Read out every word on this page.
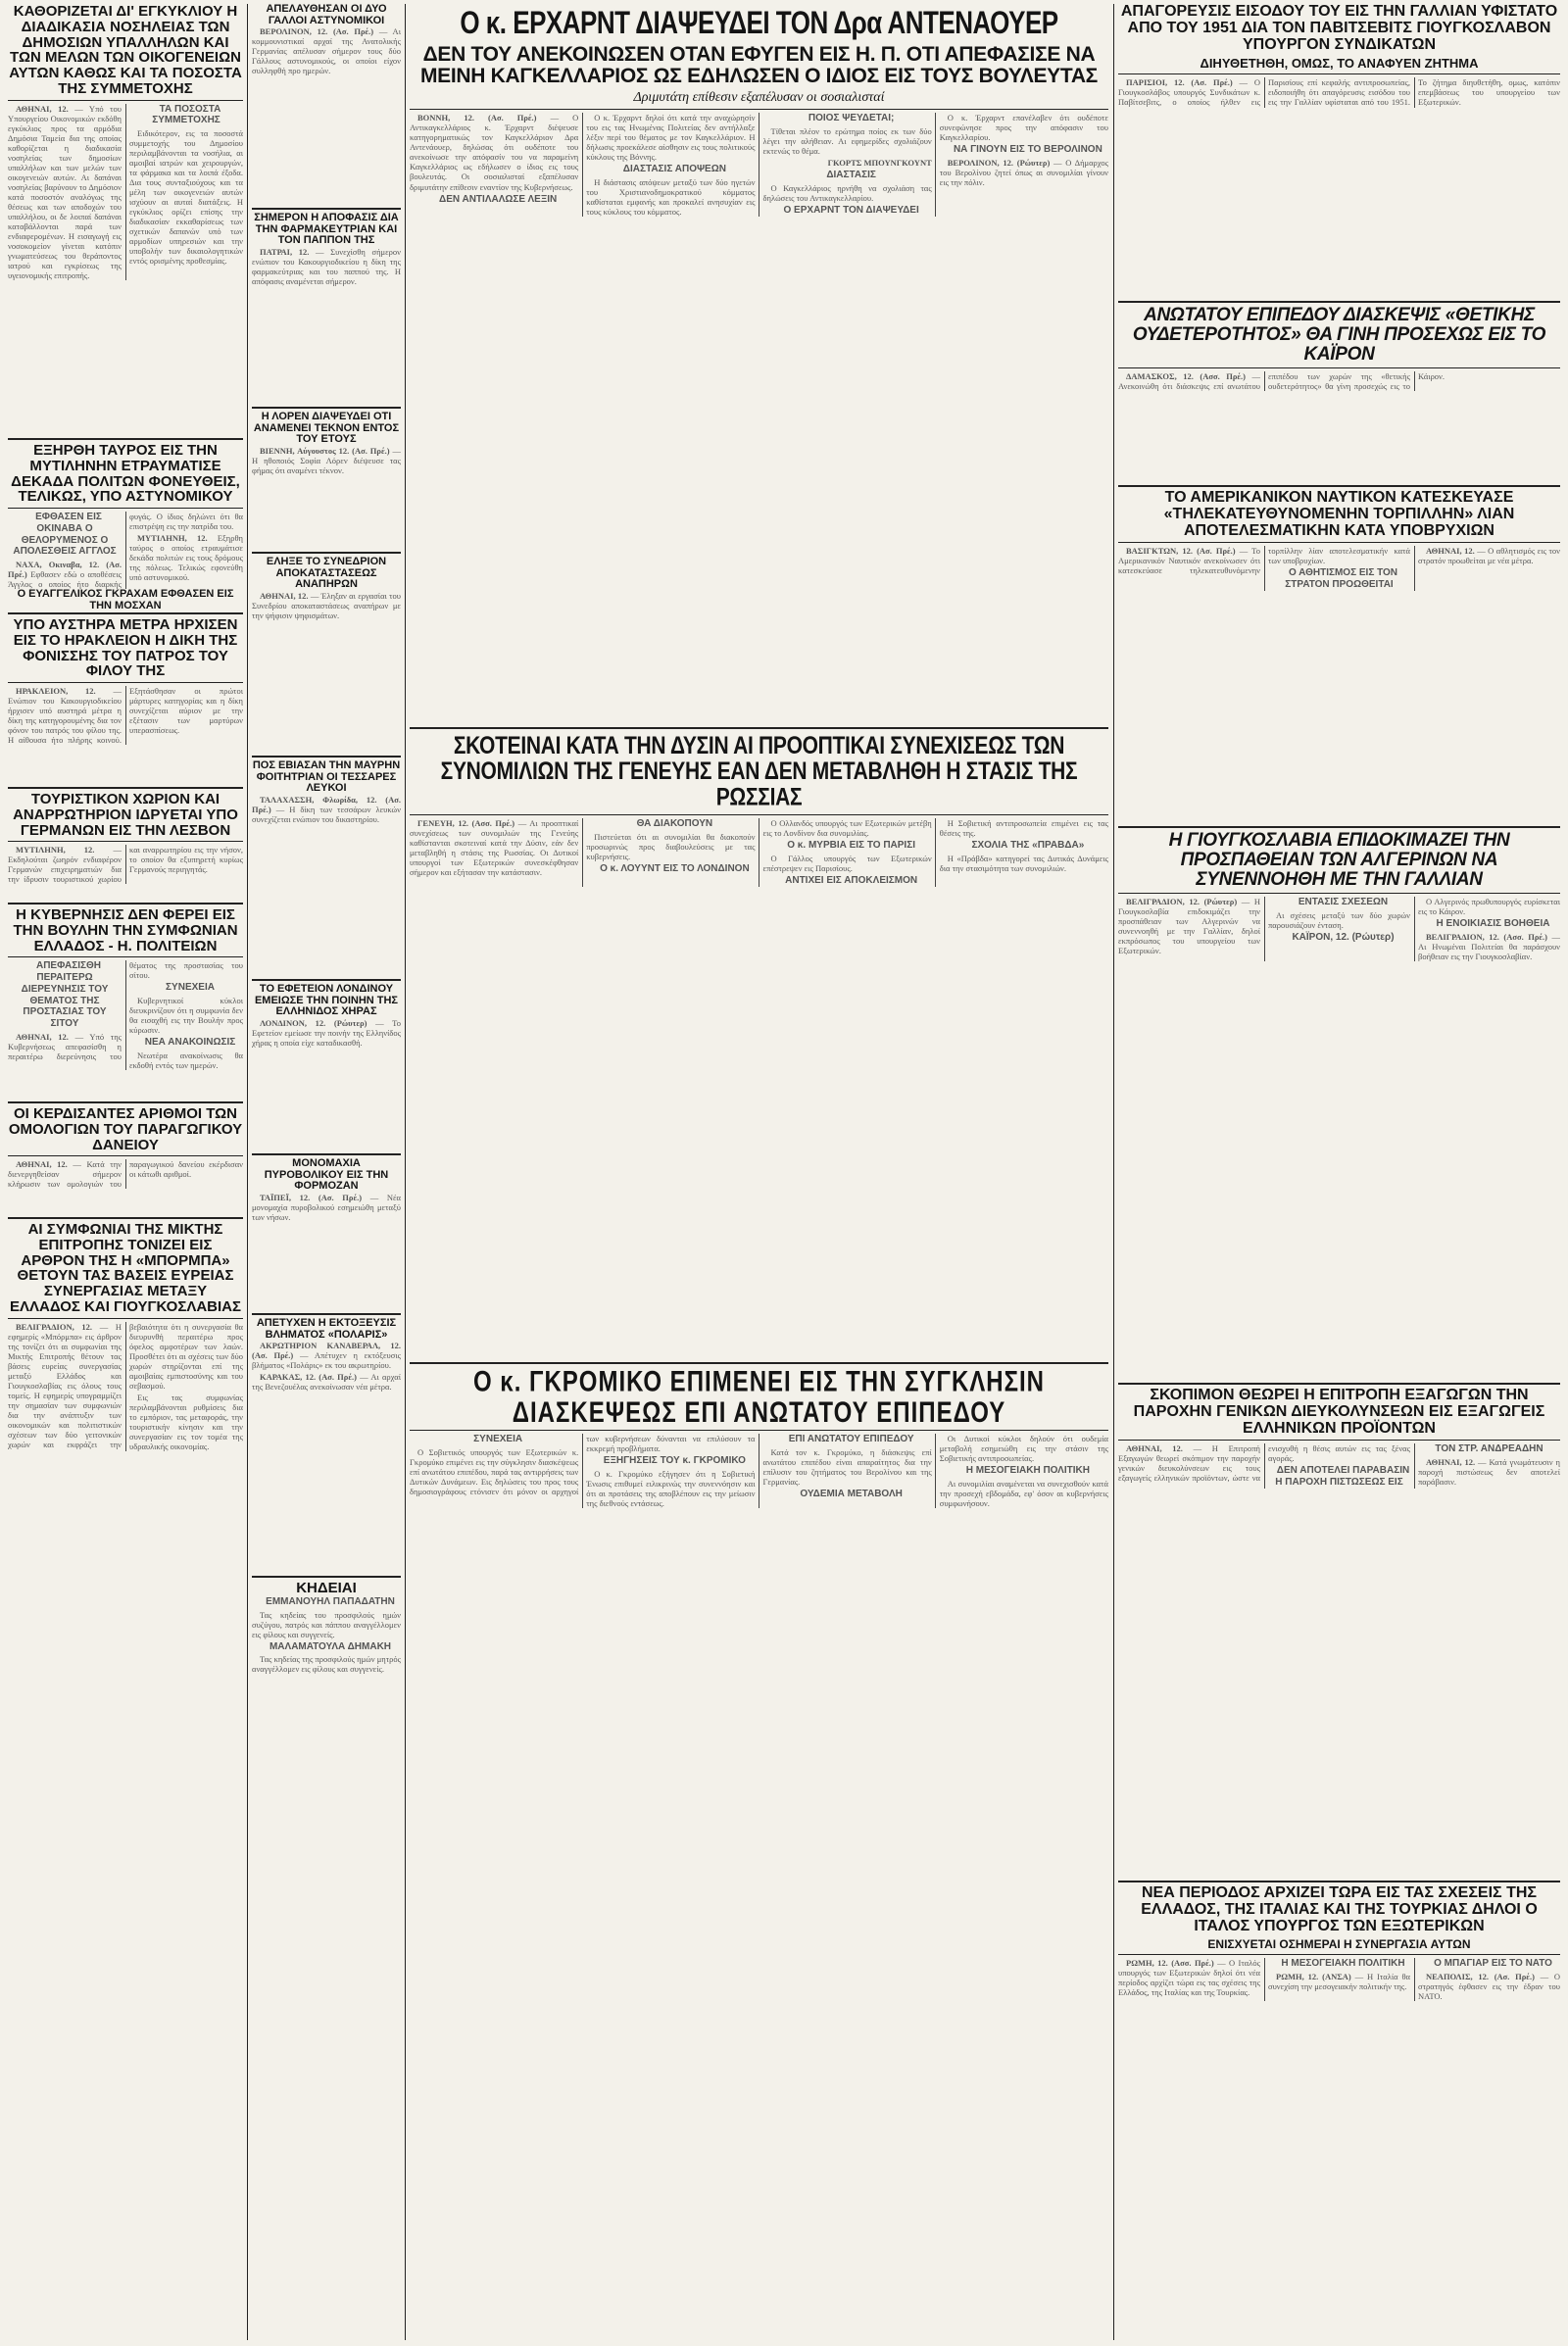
ΚΑΘΟΡΙΖΕΤΑΙ ΔΙ' ΕΓΚΥΚΛΙΟΥ Η ΔΙΑΔΙΚΑΣΙΑ ΝΟΣΗΛΕΙΑΣ ΤΩΝ ΔΗΜΟΣΙΩΝ ΥΠΑΛΛΗΛΩΝ ΚΑΙ ΤΩΝ ΜΕΛΩΝ ΤΩΝ ΟΙΚΟΓΕΝΕΙΩΝ ΑΥΤΩΝ ΚΑΘΩΣ ΚΑΙ ΤΑ ΠΟΣΟΣΤΑ ΤΗΣ ΣΥΜΜΕΤΟΧΗΣ

ΑΘΗΝΑΙ, 12. — Υπό του Υπουργείου Οικονομικών εκδόθη εγκύκλιος προς τα αρμόδια Δημόσια Ταμεία δια της οποίας καθορίζεται η διαδικασία νοσηλείας των δημοσίων υπαλλήλων και των μελών των οικογενειών αυτών. Αι δαπάναι νοσηλείας βαρύνουν το Δημόσιον κατά ποσοστόν αναλόγως της θέσεως και των αποδοχών του υπαλλήλου, οι δε λοιπαί δαπάναι καταβάλλονται παρά των ενδιαφερομένων. Η εισαγωγή εις νοσοκομείον γίνεται κατόπιν γνωματεύσεως του θεράποντος ιατρού και εγκρίσεως της υγειονομικής επιτροπής.

ΤΑ ΠΟΣΟΣΤΑ ΣΥΜΜΕΤΟΧΗΣ

Ειδικότερον, εις τα ποσοστά συμμετοχής του Δημοσίου περιλαμβάνονται τα νοσήλια, αι αμοιβαί ιατρών και χειρουργών, τα φάρμακα και τα λοιπά έξοδα. Δια τους συνταξιούχους και τα μέλη των οικογενειών αυτών ισχύουν αι αυταί διατάξεις. Η εγκύκλιος ορίζει επίσης την διαδικασίαν εκκαθαρίσεως των σχετικών δαπανών υπό των αρμοδίων υπηρεσιών και την υποβολήν των δικαιολογητικών εντός ορισμένης προθεσμίας.

ΕΞΗΡΘΗ ΤΑΥΡΟΣ ΕΙΣ ΤΗΝ ΜΥΤΙΛΗΝΗΝ ΕΤΡΑΥΜΑΤΙΣΕ ΔΕΚΑΔΑ ΠΟΛΙΤΩΝ ΦΟΝΕΥΘΕΙΣ, ΤΕΛΙΚΩΣ, ΥΠΟ ΑΣΤΥΝΟΜΙΚΟΥ

ΕΦΘΑΣΕΝ ΕΙΣ ΟΚΙΝΑΒΑ Ο ΘΕΛΟΡΥΜΕΝΟΣ Ο ΑΠΟΛΕΣΘΕΙΣ ΑΓΓΛΟΣ

ΝΑΧΑ, Οκιναβα, 12. (Ασ. Πρέ.) Εφθασεν εδώ ο αποθέσεις Άγγλος ο οποίος ήτο διαρκής φυγάς. Ο ίδιος δηλώνει ότι θα επιστρέψη εις την πατρίδα του.

ΜΥΤΙΛΗΝΗ, 12. Εξηρθη ταύρος ο οποίος ετραυμάτισε δεκάδα πολιτών εις τους δρόμους της πόλεως. Τελικώς εφονεύθη υπό αστυνομικού.

Ο ΕΥΑΓΓΕΛΙΚΟΣ ΓΚΡΑΧΑΜ ΕΦΘΑΣΕΝ ΕΙΣ ΤΗΝ ΜΟΣΧΑΝ

ΥΠΟ ΑΥΣΤΗΡΑ ΜΕΤΡΑ ΗΡΧΙΣΕΝ ΕΙΣ ΤΟ ΗΡΑΚΛΕΙΟΝ Η ΔΙΚΗ ΤΗΣ ΦΟΝΙΣΣΗΣ ΤΟΥ ΠΑΤΡΟΣ ΤΟΥ ΦΙΛΟΥ ΤΗΣ

ΗΡΑΚΛΕΙΟΝ, 12. — Ενώπιον του Κακουργιοδικείου ήρχισεν υπό αυστηρά μέτρα η δίκη της κατηγορουμένης δια τον φόνον του πατρός του φίλου της. Η αίθουσα ήτο πλήρης κοινού. Εξητάσθησαν οι πρώτοι μάρτυρες κατηγορίας και η δίκη συνεχίζεται αύριον με την εξέτασιν των μαρτύρων υπερασπίσεως.

ΤΟΥΡΙΣΤΙΚΟΝ ΧΩΡΙΟΝ ΚΑΙ ΑΝΑΡΡΩΤΗΡΙΟΝ ΙΔΡΥΕΤΑΙ ΥΠΟ ΓΕΡΜΑΝΩΝ ΕΙΣ ΤΗΝ ΛΕΣΒΟΝ

ΜΥΤΙΛΗΝΗ, 12. — Εκδηλούται ζωηρόν ενδιαφέρον Γερμανών επιχειρηματιών δια την ίδρυσιν τουριστικού χωρίου και αναρρωτηρίου εις την νήσον, το οποίον θα εξυπηρετή κυρίως Γερμανούς περιηγητάς.

Η ΚΥΒΕΡΝΗΣΙΣ ΔΕΝ ΦΕΡΕΙ ΕΙΣ ΤΗΝ ΒΟΥΛΗΝ ΤΗΝ ΣΥΜΦΩΝΙΑΝ ΕΛΛΑΔΟΣ - Η. ΠΟΛΙΤΕΙΩΝ

ΑΠΕΦΑΣΙΣΘΗ ΠΕΡΑΙΤΕΡΩ ΔΙΕΡΕΥΝΗΣΙΣ ΤΟΥ ΘΕΜΑΤΟΣ ΤΗΣ ΠΡΟΣΤΑΣΙΑΣ ΤΟΥ ΣΙΤΟΥ

ΑΘΗΝΑΙ, 12. — Υπό της Κυβερνήσεως απεφασίσθη η περαιτέρω διερεύνησις του θέματος της προστασίας του σίτου.

ΣΥΝΕΧΕΙΑ

Κυβερνητικοί κύκλοι διευκρινίζουν ότι η συμφωνία δεν θα εισαχθή εις την Βουλήν προς κύρωσιν.

ΝΕΑ ΑΝΑΚΟΙΝΩΣΙΣ

Νεωτέρα ανακοίνωσις θα εκδοθή εντός των ημερών.

ΟΙ ΚΕΡΔΙΣΑΝΤΕΣ ΑΡΙΘΜΟΙ ΤΩΝ ΟΜΟΛΟΓΙΩΝ ΤΟΥ ΠΑΡΑΓΩΓΙΚΟΥ ΔΑΝΕΙΟΥ

ΑΘΗΝΑΙ, 12. — Κατά την διενεργηθείσαν σήμερον κλήρωσιν των ομολογιών του παραγωγικού δανείου εκέρδισαν οι κάτωθι αριθμοί.

ΑΙ ΣΥΜΦΩΝΙΑΙ ΤΗΣ ΜΙΚΤΗΣ ΕΠΙΤΡΟΠΗΣ ΤΟΝΙΖΕΙ ΕΙΣ ΑΡΘΡΟΝ ΤΗΣ Η «ΜΠΟΡΜΠΑ» ΘΕΤΟΥΝ ΤΑΣ ΒΑΣΕΙΣ ΕΥΡΕΙΑΣ ΣΥΝΕΡΓΑΣΙΑΣ ΜΕΤΑΞΥ ΕΛΛΑΔΟΣ ΚΑΙ ΓΙΟΥΓΚΟΣΛΑΒΙΑΣ

ΒΕΛΙΓΡΑΔΙΟΝ, 12. — Η εφημερίς «Μπόρμπα» εις άρθρον της τονίζει ότι αι συμφωνίαι της Μικτής Επιτροπής θέτουν τας βάσεις ευρείας συνεργασίας μεταξύ Ελλάδος και Γιουγκοσλαβίας εις όλους τους τομείς. Η εφημερίς υπογραμμίζει την σημασίαν των συμφωνιών δια την ανάπτυξιν των οικονομικών και πολιτιστικών σχέσεων των δύο γειτονικών χωρών και εκφράζει την βεβαιότητα ότι η συνεργασία θα διευρυνθή περαιτέρω προς όφελος αμφοτέρων των λαών. Προσθέτει ότι αι σχέσεις των δύο χωρών στηρίζονται επί της αμοιβαίας εμπιστοσύνης και του σεβασμού.

Εις τας συμφωνίας περιλαμβάνονται ρυθμίσεις δια το εμπόριον, τας μεταφοράς, την τουριστικήν κίνησιν και την συνεργασίαν εις τον τομέα της υδραυλικής οικονομίας.

ΑΠΕΛΑΥΘΗΣΑΝ ΟΙ ΔΥΟ ΓΑΛΛΟΙ ΑΣΤΥΝΟΜΙΚΟΙ

ΒΕΡΟΛΙΝΟΝ, 12. (Ασ. Πρέ.) — Αι κομμουνιστικαί αρχαί της Ανατολικής Γερμανίας απέλυσαν σήμερον τους δύο Γάλλους αστυνομικούς, οι οποίοι είχον συλληφθή προ ημερών.

ΣΗΜΕΡΟΝ Η ΑΠΟΦΑΣΙΣ ΔΙΑ ΤΗΝ ΦΑΡΜΑΚΕΥΤΡΙΑΝ ΚΑΙ ΤΟΝ ΠΑΠΠΟΝ ΤΗΣ

ΠΑΤΡΑΙ, 12. — Συνεχίσθη σήμερον ενώπιον του Κακουργιοδικείου η δίκη της φαρμακεύτριας και του παππού της. Η απόφασις αναμένεται σήμερον.

Η ΛΟΡΕΝ ΔΙΑΨΕΥΔΕΙ ΟΤΙ ΑΝΑΜΕΝΕΙ ΤΕΚΝΟΝ ΕΝΤΟΣ ΤΟΥ ΕΤΟΥΣ

ΒΙΕΝΝΗ, Αύγουστος 12. (Ασ. Πρέ.) — Η ηθοποιός Σοφία Λόρεν διέψευσε τας φήμας ότι αναμένει τέκνον.

ΕΛΗΞΕ ΤΟ ΣΥΝΕΔΡΙΟΝ ΑΠΟΚΑΤΑΣΤΑΣΕΩΣ ΑΝΑΠΗΡΩΝ

ΑΘΗΝΑΙ, 12. — Έληξαν αι εργασίαι του Συνεδρίου αποκαταστάσεως αναπήρων με την ψήφισιν ψηφισμάτων.

ΠΟΣ ΕΒΙΑΣΑΝ ΤΗΝ ΜΑΥΡΗΝ ΦΟΙΤΗΤΡΙΑΝ ΟΙ ΤΕΣΣΑΡΕΣ ΛΕΥΚΟΙ

ΤΑΛΑΧΑΣΣΗ, Φλωρίδα, 12. (Ασ. Πρέ.) — Η δίκη των τεσσάρων λευκών συνεχίζεται ενώπιον του δικαστηρίου.

ΤΟ ΕΦΕΤΕΙΟΝ ΛΟΝΔΙΝΟΥ ΕΜΕΙΩΣΕ ΤΗΝ ΠΟΙΝΗΝ ΤΗΣ ΕΛΛΗΝΙΔΟΣ ΧΗΡΑΣ

ΛΟΝΔΙΝΟΝ, 12. (Ρώυτερ) — Το Εφετείον εμείωσε την ποινήν της Ελληνίδος χήρας η οποία είχε καταδικασθή.

ΜΟΝΟΜΑΧΙΑ ΠΥΡΟΒΟΛΙΚΟΥ ΕΙΣ ΤΗΝ ΦΟΡΜΟΖΑΝ

ΤΑΪΠΕΪ, 12. (Ασ. Πρέ.) — Νέα μονομαχία πυροβολικού εσημειώθη μεταξύ των νήσων.

ΑΠΕΤΥΧΕΝ Η ΕΚΤΟΞΕΥΣΙΣ ΒΛΗΜΑΤΟΣ «ΠΟΛΑΡΙΣ»

ΑΚΡΩΤΗΡΙΟΝ ΚΑΝΑΒΕΡΑΛ, 12. (Ασ. Πρέ.) — Απέτυχεν η εκτόξευσις βλήματος «Πολάρις» εκ του ακρωτηρίου.

ΚΑΡΑΚΑΣ, 12. (Ασ. Πρέ.) — Αι αρχαί της Βενεζουέλας ανεκοίνωσαν νέα μέτρα.

ΚΗΔΕΙΑΙ

ΕΜΜΑΝΟΥΗΛ ΠΑΠΑΔΑΤΗΝ

Τας κηδείας του προσφιλούς ημών συζύγου, πατρός και πάππου αναγγέλλομεν εις φίλους και συγγενείς.

ΜΑΛΑΜΑΤΟΥΛΑ ΔΗΜΑΚΗ

Τας κηδείας της προσφιλούς ημών μητρός αναγγέλλομεν εις φίλους και συγγενείς.

Ο κ. ΕΡΧΑΡΝΤ ΔΙΑΨΕΥΔΕΙ ΤΟΝ Δρα ΑΝΤΕΝΑΟΥΕΡ
ΔΕΝ ΤΟΥ ΑΝΕΚΟΙΝΩΣΕΝ ΟΤΑΝ ΕΦΥΓΕΝ ΕΙΣ Η. Π. ΟΤΙ ΑΠΕΦΑΣΙΣΕ ΝΑ ΜΕΙΝΗ ΚΑΓΚΕΛΛΑΡΙΟΣ ΩΣ ΕΔΗΛΩΣΕΝ Ο ΙΔΙΟΣ ΕΙΣ ΤΟΥΣ ΒΟΥΛΕΥΤΑΣ
Δριμυτάτη επίθεσιν εξαπέλυσαν οι σοσιαλισταί

ΒΟΝΝΗ, 12. (Ασ. Πρέ.) — Ο Αντικαγκελλάριος κ. Έρχαρντ διέψευσε κατηγορηματικώς τον Καγκελλάριον Δρα Αντενάουερ, δηλώσας ότι ουδέποτε του ανεκοίνωσε την απόφασίν του να παραμείνη Καγκελλάριος ως εδήλωσεν ο ίδιος εις τους βουλευτάς. Οι σοσιαλισταί εξαπέλυσαν δριμυτάτην επίθεσιν εναντίον της Κυβερνήσεως.

ΔΕΝ ΑΝΤΙΛΑΛΩΣΕ ΛΕΞΙΝ

Ο κ. Έρχαρντ δηλοί ότι κατά την αναχώρησίν του εις τας Ηνωμένας Πολιτείας δεν αντήλλαξε λέξιν περί του θέματος με τον Καγκελλάριον. Η δήλωσις προεκάλεσε αίσθησιν εις τους πολιτικούς κύκλους της Βόννης.

ΔΙΑΣΤΑΣΙΣ ΑΠΟΨΕΩΝ

Η διάστασις απόψεων μεταξύ των δύο ηγετών του Χριστιανοδημοκρατικού κόμματος καθίσταται εμφανής και προκαλεί ανησυχίαν εις τους κύκλους του κόμματος.

ΠΟΙΟΣ ΨΕΥΔΕΤΑΙ;

Τίθεται πλέον το ερώτημα ποίος εκ των δύο λέγει την αλήθειαν. Αι εφημερίδες σχολιάζουν εκτενώς το θέμα.

ΓΚΟΡΤΣ ΜΠΟΥΝΓΚΟΥΝΤ

ΔΙΑΣΤΑΣΙΣ

Ο Καγκελλάριος ηρνήθη να σχολιάση τας δηλώσεις του Αντικαγκελλαρίου.

Ο ΕΡΧΑΡΝΤ ΤΟΝ ΔΙΑΨΕΥΔΕΙ

Ο κ. Έρχαρντ επανέλαβεν ότι ουδέποτε συνεφώνησε προς την απόφασιν του Καγκελλαρίου.

ΝΑ ΓΙΝΟΥΝ ΕΙΣ ΤΟ ΒΕΡΟΛΙΝΟΝ

ΒΕΡΟΛΙΝΟΝ, 12. (Ρώυτερ) — Ο Δήμαρχος του Βερολίνου ζητεί όπως αι συνομιλίαι γίνουν εις την πόλιν.

ΣΚΟΤΕΙΝΑΙ ΚΑΤΑ ΤΗΝ ΔΥΣΙΝ ΑΙ ΠΡΟΟΠΤΙΚΑΙ ΣΥΝΕΧΙΣΕΩΣ ΤΩΝ ΣΥΝΟΜΙΛΙΩΝ ΤΗΣ ΓΕΝΕΥΗΣ ΕΑΝ ΔΕΝ ΜΕΤΑΒΛΗΘΗ Η ΣΤΑΣΙΣ ΤΗΣ ΡΩΣΣΙΑΣ

ΓΕΝΕΥΗ, 12. (Ασσ. Πρέ.) — Αι προοπτικαί συνεχίσεως των συνομιλιών της Γενεύης καθίστανται σκοτειναί κατά την Δύσιν, εάν δεν μεταβληθή η στάσις της Ρωσσίας. Οι Δυτικοί υπουργοί των Εξωτερικών συνεσκέφθησαν σήμερον και εξήτασαν την κατάστασιν.

ΘΑ ΔΙΑΚΟΠΟΥΝ

Πιστεύεται ότι αι συνομιλίαι θα διακοπούν προσωρινώς προς διαβουλεύσεις με τας κυβερνήσεις.

Ο κ. ΛΟΥΥΝΤ ΕΙΣ ΤΟ ΛΟΝΔΙΝΟΝ

Ο Ολλανδός υπουργός των Εξωτερικών μετέβη εις το Λονδίνον δια συνομιλίας.

Ο κ. ΜΥΡΒΙΑ ΕΙΣ ΤΟ ΠΑΡΙΣΙ

Ο Γάλλος υπουργός των Εξωτερικών επέστρεψεν εις Παρισίους.

ΑΝΤΙΧΕΙ ΕΙΣ ΑΠΟΚΛΕΙΣΜΟΝ

Η Σοβιετική αντιπροσωπεία επιμένει εις τας θέσεις της.

ΣΧΟΛΙΑ ΤΗΣ «ΠΡΑΒΔΑ»

Η «Πράβδα» κατηγορεί τας Δυτικάς Δυνάμεις δια την στασιμότητα των συνομιλιών.

Ο κ. ΓΚΡΟΜΙΚΟ ΕΠΙΜΕΝΕΙ ΕΙΣ ΤΗΝ ΣΥΓΚΛΗΣΙΝ ΔΙΑΣΚΕΨΕΩΣ ΕΠΙ ΑΝΩΤΑΤΟΥ ΕΠΙΠΕΔΟΥ

ΣΥΝΕΧΕΙΑ

Ο Σοβιετικός υπουργός των Εξωτερικών κ. Γκρομύκο επιμένει εις την σύγκλησιν διασκέψεως επί ανωτάτου επιπέδου, παρά τας αντιρρήσεις των Δυτικών Δυνάμεων. Εις δηλώσεις του προς τους δημοσιογράφους ετόνισεν ότι μόνον οι αρχηγοί των κυβερνήσεων δύνανται να επιλύσουν τα εκκρεμή προβλήματα.

ΕΞΗΓΗΣΕΙΣ ΤΟΥ κ. ΓΚΡΟΜΙΚΟ

Ο κ. Γκρομύκο εξήγησεν ότι η Σοβιετική Ένωσις επιθυμεί ειλικρινώς την συνεννόησιν και ότι αι προτάσεις της αποβλέπουν εις την μείωσιν της διεθνούς εντάσεως.

ΕΠΙ ΑΝΩΤΑΤΟΥ ΕΠΙΠΕΔΟΥ

Κατά τον κ. Γκρομύκο, η διάσκεψις επί ανωτάτου επιπέδου είναι απαραίτητος δια την επίλυσιν του ζητήματος του Βερολίνου και της Γερμανίας.

ΟΥΔΕΜΙΑ ΜΕΤΑΒΟΛΗ

Οι Δυτικοί κύκλοι δηλούν ότι ουδεμία μεταβολή εσημειώθη εις την στάσιν της Σοβιετικής αντιπροσωπείας.

Η ΜΕΣΟΓΕΙΑΚΗ ΠΟΛΙΤΙΚΗ

Αι συνομιλίαι αναμένεται να συνεχισθούν κατά την προσεχή εβδομάδα, εφ' όσον αι κυβερνήσεις συμφωνήσουν.

ΑΠΑΓΟΡΕΥΣΙΣ ΕΙΣΟΔΟΥ ΤΟΥ ΕΙΣ ΤΗΝ ΓΑΛΛΙΑΝ ΥΦΙΣΤΑΤΟ ΑΠΟ ΤΟΥ 1951 ΔΙΑ ΤΟΝ ΠΑΒΙΤΣΕΒΙΤΣ ΓΙΟΥΓΚΟΣΛΑΒΟΝ ΥΠΟΥΡΓΟΝ ΣΥΝΔΙΚΑΤΩΝ
ΔΙΗΥΘΕΤΗΘΗ, ΟΜΩΣ, ΤΟ ΑΝΑΦΥΕΝ ΖΗΤΗΜΑ

ΠΑΡΙΣΙΟΙ, 12. (Ασ. Πρέ.) — Ο Γιουγκοσλάβος υπουργός Συνδικάτων κ. Παβίτσεβιτς, ο οποίος ήλθεν εις Παρισίους επί κεφαλής αντιπροσωπείας, ειδοποιήθη ότι απαγόρευσις εισόδου του εις την Γαλλίαν υφίσταται από του 1951. Το ζήτημα διηυθετήθη, ομως, κατόπιν επεμβάσεως του υπουργείου των Εξωτερικών.

ΑΝΩΤΑΤΟΥ ΕΠΙΠΕΔΟΥ ΔΙΑΣΚΕΨΙΣ «ΘΕΤΙΚΗΣ ΟΥΔΕΤΕΡΟΤΗΤΟΣ» ΘΑ ΓΙΝΗ ΠΡΟΣΕΧΩΣ ΕΙΣ ΤΟ ΚΑΪΡΟΝ

ΔΑΜΑΣΚΟΣ, 12. (Ασσ. Πρέ.) — Ανεκοινώθη ότι διάσκεψις επί ανωτάτου επιπέδου των χωρών της «θετικής ουδετερότητος» θα γίνη προσεχώς εις το Κάιρον.

ΤΟ ΑΜΕΡΙΚΑΝΙΚΟΝ ΝΑΥΤΙΚΟΝ ΚΑΤΕΣΚΕΥΑΣΕ «ΤΗΛΕΚΑΤΕΥΘΥΝΟΜΕΝΗΝ ΤΟΡΠΙΛΛΗΝ» ΛΙΑΝ ΑΠΟΤΕΛΕΣΜΑΤΙΚΗΝ ΚΑΤΑ ΥΠΟΒΡΥΧΙΩΝ

ΒΑΣΙΓΚΤΩΝ, 12. (Ασ. Πρέ.) — Το Αμερικανικόν Ναυτικόν ανεκοίνωσεν ότι κατεσκεύασε τηλεκατευθυνόμενην τορπίλλην λίαν αποτελεσματικήν κατά των υποβρυχίων.

Ο ΑΘΗΤΙΣΜΟΣ ΕΙΣ ΤΟΝ ΣΤΡΑΤΟΝ ΠΡΟΩΘΕΙΤΑΙ

ΑΘΗΝΑΙ, 12. — Ο αθλητισμός εις τον στρατόν προωθείται με νέα μέτρα.

Η ΓΙΟΥΓΚΟΣΛΑΒΙΑ ΕΠΙΔΟΚΙΜΑΖΕΙ ΤΗΝ ΠΡΟΣΠΑΘΕΙΑΝ ΤΩΝ ΑΛΓΕΡΙΝΩΝ ΝΑ ΣΥΝΕΝΝΟΗΘΗ ΜΕ ΤΗΝ ΓΑΛΛΙΑΝ

ΒΕΛΙΓΡΑΔΙΟΝ, 12. (Ρώυτερ) — Η Γιουγκοσλαβία επιδοκιμάζει την προσπάθειαν των Αλγερινών να συνεννοηθή με την Γαλλίαν, δηλοί εκπρόσωπος του υπουργείου των Εξωτερικών.

ΕΝΤΑΣΙΣ ΣΧΕΣΕΩΝ

Αι σχέσεις μεταξύ των δύο χωρών παρουσιάζουν ένταση.

ΚΑΪΡΟΝ, 12. (Ρώυτερ)

Ο Αλγερινός πρωθυπουργός ευρίσκεται εις το Κάιρον.

Η ΕΝΟΙΚΙΑΣΙΣ ΒΟΗΘΕΙΑ

ΒΕΛΙΓΡΑΔΙΟΝ, 12. (Ασσ. Πρέ.) — Αι Ηνωμέναι Πολιτείαι θα παράσχουν βοήθειαν εις την Γιουγκοσλαβίαν.

ΣΚΟΠΙΜΟΝ ΘΕΩΡΕΙ Η ΕΠΙΤΡΟΠΗ ΕΞΑΓΩΓΩΝ ΤΗΝ ΠΑΡΟΧΗΝ ΓΕΝΙΚΩΝ ΔΙΕΥΚΟΛΥΝΣΕΩΝ ΕΙΣ ΕΞΑΓΩΓΕΙΣ ΕΛΛΗΝΙΚΩΝ ΠΡΟΪΟΝΤΩΝ

ΑΘΗΝΑΙ, 12. — Η Επιτροπή Εξαγωγών θεωρεί σκόπιμον την παροχήν γενικών διευκολύνσεων εις τους εξαγωγείς ελληνικών προϊόντων, ώστε να ενισχυθή η θέσις αυτών εις τας ξένας αγοράς.

ΔΕΝ ΑΠΟΤΕΛΕΙ ΠΑΡΑΒΑΣΙΝ Η ΠΑΡΟΧΗ ΠΙΣΤΩΣΕΩΣ ΕΙΣ ΤΟΝ ΣΤΡ. ΑΝΔΡΕΑΔΗΝ

ΑΘΗΝΑΙ, 12. — Κατά γνωμάτευσιν η παροχή πιστώσεως δεν αποτελεί παράβασιν.

ΝΕΑ ΠΕΡΙΟΔΟΣ ΑΡΧΙΖΕΙ ΤΩΡΑ ΕΙΣ ΤΑΣ ΣΧΕΣΕΙΣ ΤΗΣ ΕΛΛΑΔΟΣ, ΤΗΣ ΙΤΑΛΙΑΣ ΚΑΙ ΤΗΣ ΤΟΥΡΚΙΑΣ ΔΗΛΟΙ Ο ΙΤΑΛΟΣ ΥΠΟΥΡΓΟΣ ΤΩΝ ΕΞΩΤΕΡΙΚΩΝ
ΕΝΙΣΧΥΕΤΑΙ ΟΣΗΜΕΡΑΙ Η ΣΥΝΕΡΓΑΣΙΑ ΑΥΤΩΝ

ΡΩΜΗ, 12. (Ασσ. Πρέ.) — Ο Ιταλός υπουργός των Εξωτερικών δηλοί ότι νέα περίοδος αρχίζει τώρα εις τας σχέσεις της Ελλάδος, της Ιταλίας και της Τουρκίας.

Η ΜΕΣΟΓΕΙΑΚΗ ΠΟΛΙΤΙΚΗ

ΡΩΜΗ, 12. (ΑΝΣΑ) — Η Ιταλία θα συνεχίση την μεσογειακήν πολιτικήν της.

Ο ΜΠΑΓΙΑΡ ΕΙΣ ΤΟ ΝΑΤΟ

ΝΕΑΠΟΛΙΣ, 12. (Ασ. Πρέ.) — Ο στρατηγός έφθασεν εις την έδραν του ΝΑΤΟ.
